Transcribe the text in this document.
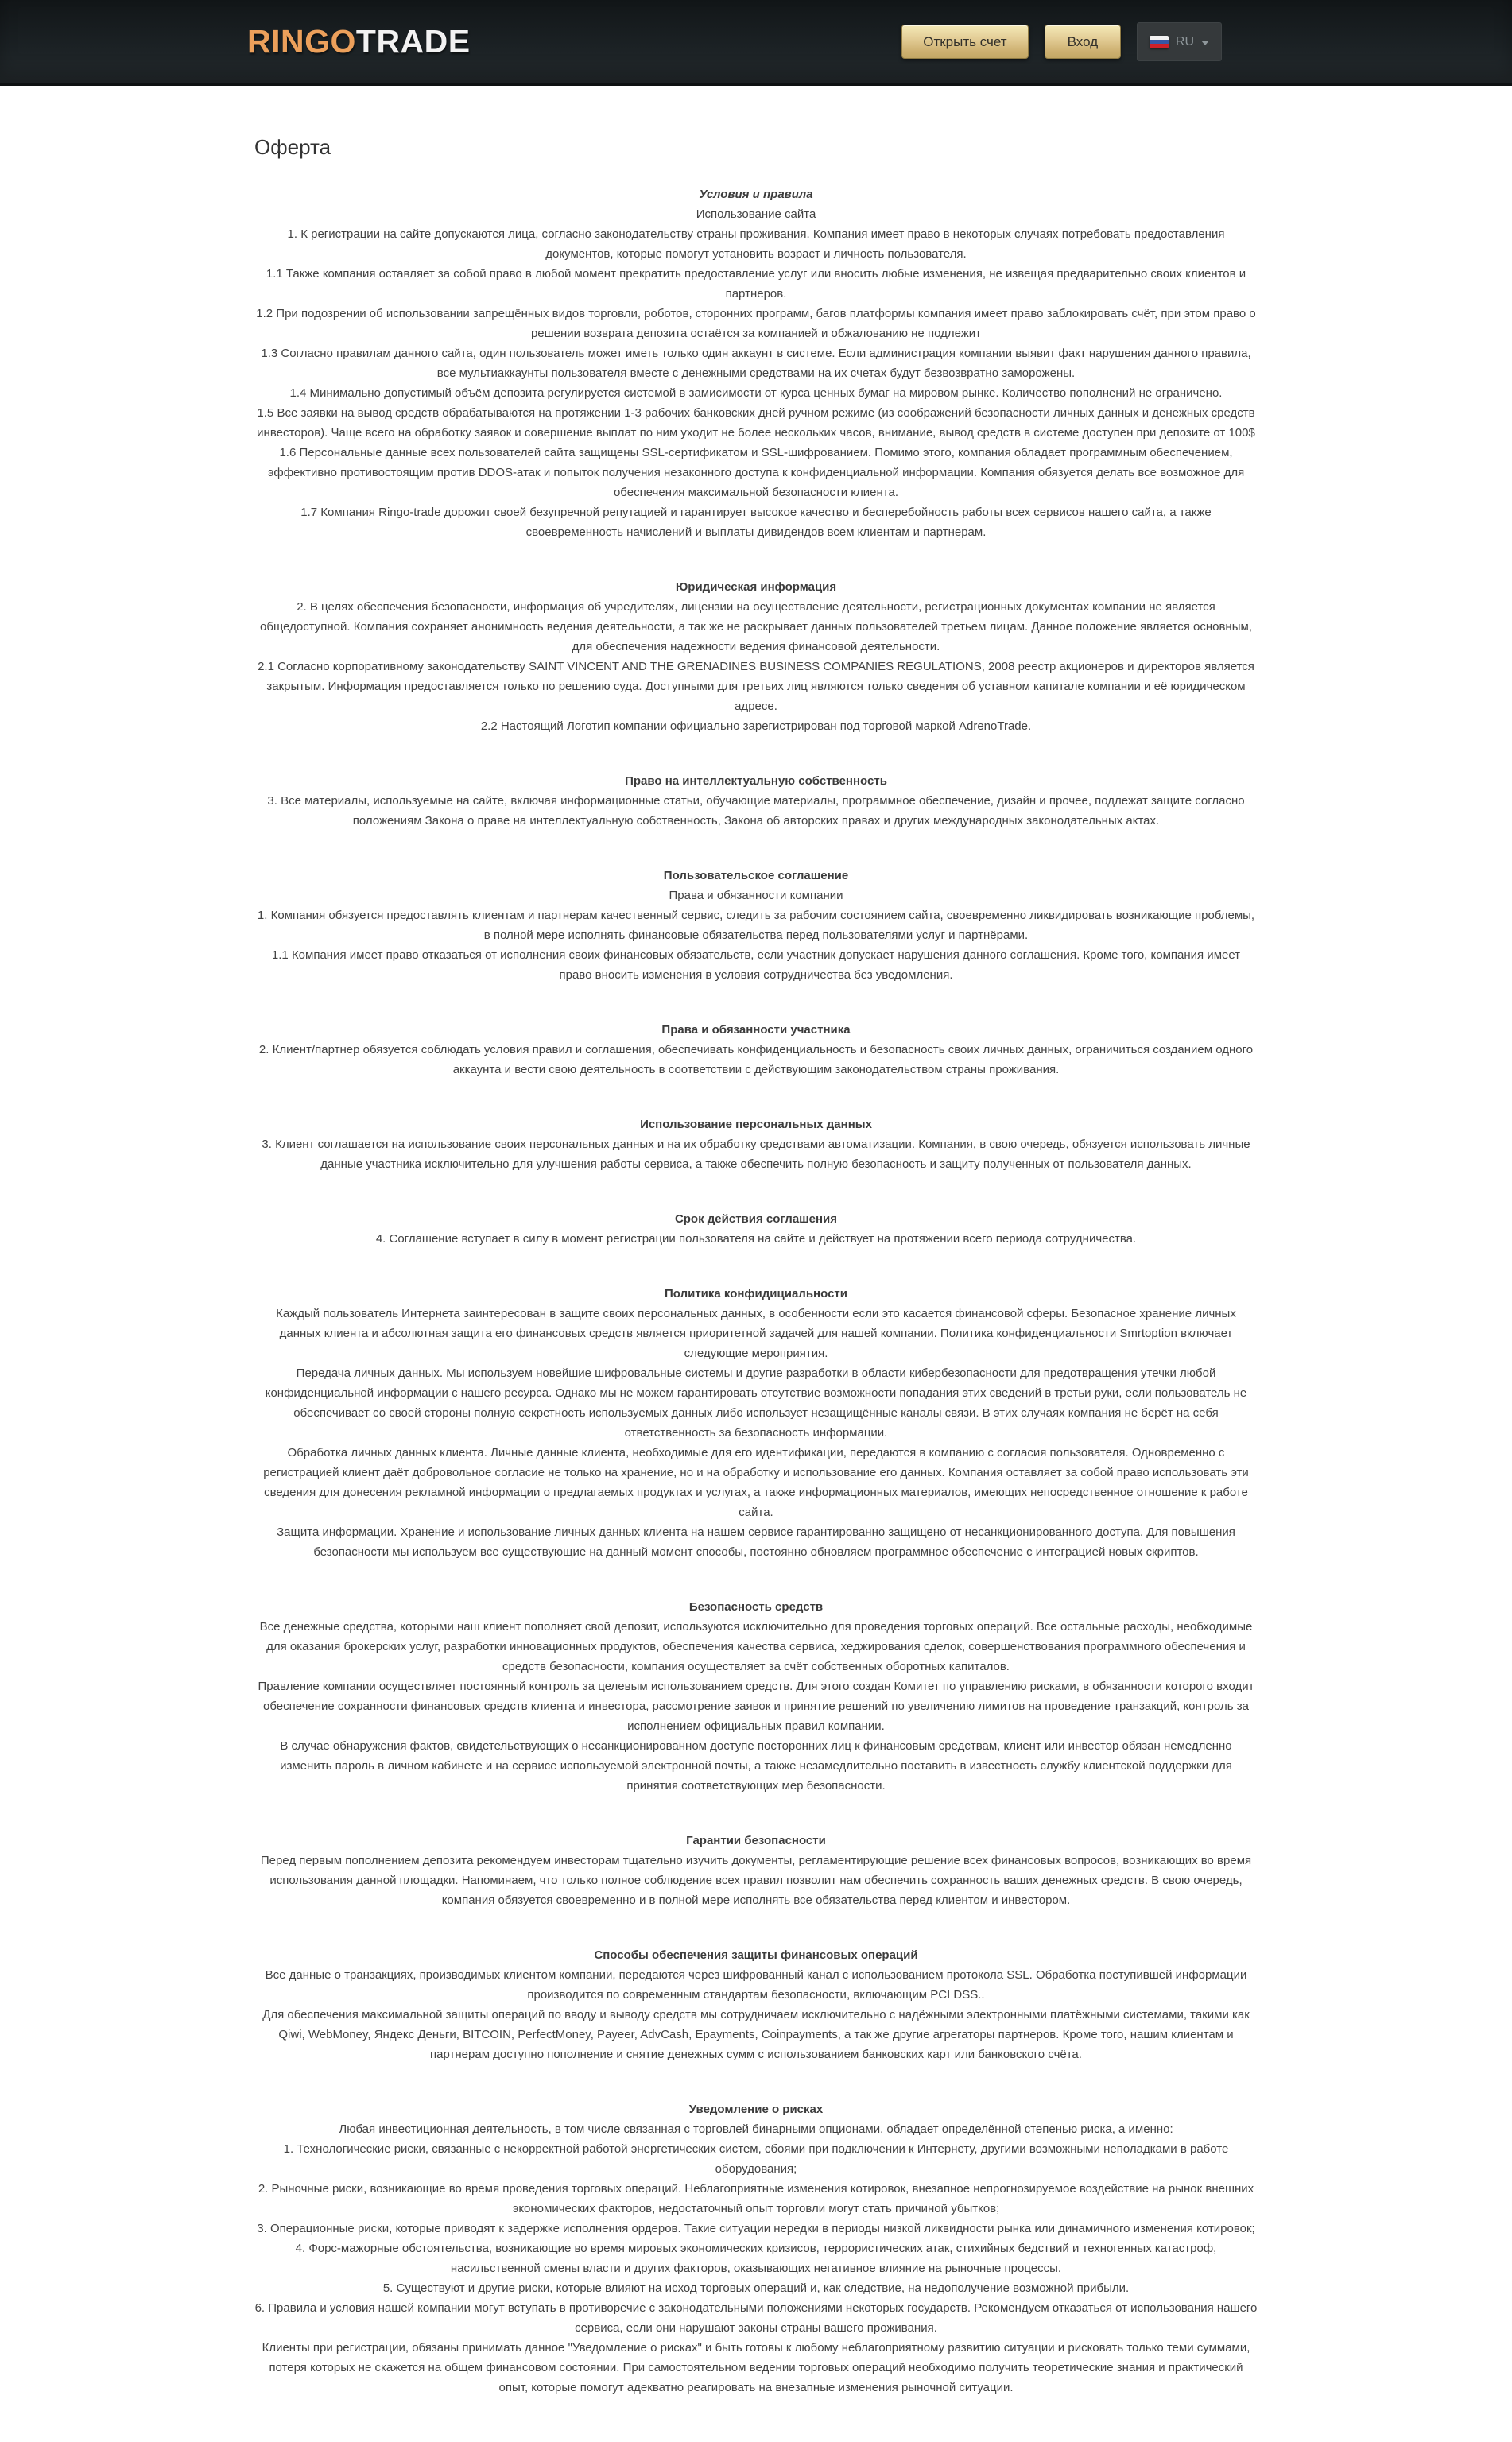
RINGOTRADE	Открыть счет	Вход	RU
Оферта
Условия и правила

Использование сайта

1. К регистрации на сайте допускаются лица, согласно законодательству страны проживания. Компания имеет право в некоторых случаях потребовать предоставления документов, которые помогут установить возраст и личность пользователя.

1.1 Также компания оставляет за собой право в любой момент прекратить предоставление услуг или вносить любые изменения, не извещая предварительно своих клиентов и партнеров.

1.2 При подозрении об использовании запрещённых видов торговли, роботов, сторонних программ, багов платформы компания имеет право заблокировать счёт, при этом право о решении возврата депозита остаётся за компанией и обжалованию не подлежит

1.3 Согласно правилам данного сайта, один пользователь может иметь только один аккаунт в системе. Если администрация компании выявит факт нарушения данного правила, все мультиаккаунты пользователя вместе с денежными средствами на их счетах будут безвозвратно заморожены.

1.4 Минимально допустимый объём депозита регулируется системой в замисимости от курса ценных бумаг на мировом рынке. Количество пополнений не ограничено.

1.5 Все заявки на вывод средств обрабатываются на протяжении 1-3 рабочих банковских дней ручном режиме (из соображений безопасности личных данных и денежных средств инвесторов). Чаще всего на обработку заявок и совершение выплат по ним уходит не более нескольких часов, внимание, вывод средств в системе доступен при депозите от 100$

1.6 Персональные данные всех пользователей сайта защищены SSL-сертификатом и SSL-шифрованием. Помимо этого, компания обладает программным обеспечением, эффективно противостоящим против DDOS-атак и попыток получения незаконного доступа к конфиденциальной информации. Компания обязуется делать все возможное для обеспечения максимальной безопасности клиента.

1.7 Компания Ringo-trade дорожит своей безупречной репутацией и гарантирует высокое качество и бесперебойность работы всех сервисов нашего сайта, а также своевременность начислений и выплаты дивидендов всем клиентам и партнерам.

Юридическая информация

2. В целях обеспечения безопасности, информация об учредителях, лицензии на осуществление деятельности, регистрационных документах компании не является общедоступной. Компания сохраняет анонимность ведения деятельности, а так же не раскрывает данных пользователей третьем лицам. Данное положение является основным, для обеспечения надежности ведения финансовой деятельности.

2.1 Согласно корпоративному законодательству SAINT VINCENT AND THE GRENADINES BUSINESS COMPANIES REGULATIONS, 2008 реестр акционеров и директоров является закрытым. Информация предоставляется только по решению суда. Доступными для третьих лиц являются только сведения об уставном капитале компании и её юридическом адресе.

2.2 Настоящий Логотип компании официально зарегистрирован под торговой маркой AdrenoTrade.

Право на интеллектуальную собственность

3. Все материалы, используемые на сайте, включая информационные статьи, обучающие материалы, программное обеспечение, дизайн и прочее, подлежат защите согласно положениям Закона о праве на интеллектуальную собственность, Закона об авторских правах и других международных законодательных актах.

Пользовательское соглашение

Права и обязанности компании

1. Компания обязуется предоставлять клиентам и партнерам качественный сервис, следить за рабочим состоянием сайта, своевременно ликвидировать возникающие проблемы, в полной мере исполнять финансовые обязательства перед пользователями услуг и партнёрами.

1.1 Компания имеет право отказаться от исполнения своих финансовых обязательств, если участник допускает нарушения данного соглашения. Кроме того, компания имеет право вносить изменения в условия сотрудничества без уведомления.

Права и обязанности участника

2. Клиент/партнер обязуется соблюдать условия правил и соглашения, обеспечивать конфиденциальность и безопасность своих личных данных, ограничиться созданием одного аккаунта и вести свою деятельность в соответствии с действующим законодательством страны проживания.

Использование персональных данных

3. Клиент соглашается на использование своих персональных данных и на их обработку средствами автоматизации. Компания, в свою очередь, обязуется использовать личные данные участника исключительно для улучшения работы сервиса, а также обеспечить полную безопасность и защиту полученных от пользователя данных.

Срок действия соглашения

4. Соглашение вступает в силу в момент регистрации пользователя на сайте и действует на протяжении всего периода сотрудничества.

Политика конфидициальности

Каждый пользователь Интернета заинтересован в защите своих персональных данных, в особенности если это касается финансовой сферы. Безопасное хранение личных данных клиента и абсолютная защита его финансовых средств является приоритетной задачей для нашей компании. Политика конфиденциальности Smrtoption включает следующие мероприятия.

Передача личных данных. Мы используем новейшие шифровальные системы и другие разработки в области кибербезопасности для предотвращения утечки любой конфиденциальной информации с нашего ресурса. Однако мы не можем гарантировать отсутствие возможности попадания этих сведений в третьи руки, если пользователь не обеспечивает со своей стороны полную секретность используемых данных либо использует незащищённые каналы связи. В этих случаях компания не берёт на себя ответственность за безопасность информации.

Обработка личных данных клиента. Личные данные клиента, необходимые для его идентификации, передаются в компанию с согласия пользователя. Одновременно с регистрацией клиент даёт добровольное согласие не только на хранение, но и на обработку и использование его данных. Компания оставляет за собой право использовать эти сведения для донесения рекламной информации о предлагаемых продуктах и услугах, а также информационных материалов, имеющих непосредственное отношение к работе сайта.

Защита информации. Хранение и использование личных данных клиента на нашем сервисе гарантированно защищено от несанкционированного доступа. Для повышения безопасности мы используем все существующие на данный момент способы, постоянно обновляем программное обеспечение с интеграцией новых скриптов.

Безопасность средств

Все денежные средства, которыми наш клиент пополняет свой депозит, используются исключительно для проведения торговых операций. Все остальные расходы, необходимые для оказания брокерских услуг, разработки инновационных продуктов, обеспечения качества сервиса, хеджирования сделок, совершенствования программного обеспечения и средств безопасности, компания осуществляет за счёт собственных оборотных капиталов.

Правление компании осуществляет постоянный контроль за целевым использованием средств. Для этого создан Комитет по управлению рисками, в обязанности которого входит обеспечение сохранности финансовых средств клиента и инвестора, рассмотрение заявок и принятие решений по увеличению лимитов на проведение транзакций, контроль за исполнением официальных правил компании.

В случае обнаружения фактов, свидетельствующих о несанкционированном доступе посторонних лиц к финансовым средствам, клиент или инвестор обязан немедленно изменить пароль в личном кабинете и на сервисе используемой электронной почты, а также незамедлительно поставить в известность службу клиентской поддержки для принятия соответствующих мер безопасности.

Гарантии безопасности

Перед первым пополнением депозита рекомендуем инвесторам тщательно изучить документы, регламентирующие решение всех финансовых вопросов, возникающих во время использования данной площадки. Напоминаем, что только полное соблюдение всех правил позволит нам обеспечить сохранность ваших денежных средств. В свою очередь, компания обязуется своевременно и в полной мере исполнять все обязательства перед клиентом и инвестором.

Способы обеспечения защиты финансовых операций

Все данные о транзакциях, производимых клиентом компании, передаются через шифрованный канал с использованием протокола SSL. Обработка поступившей информации производится по современным стандартам безопасности, включающим PCI DSS..

Для обеспечения максимальной защиты операций по вводу и выводу средств мы сотрудничаем исключительно с надёжными электронными платёжными системами, такими как Qiwi, WebMoney, Яндекс Деньги, BITCOIN, PerfectMoney, Payeer, AdvCash, Epayments, Coinpayments, а так же другие агрегаторы партнеров. Кроме того, нашим клиентам и партнерам доступно пополнение и снятие денежных сумм с использованием банковских карт или банковского счёта.

Уведомление о рисках

Любая инвестиционная деятельность, в том числе связанная с торговлей бинарными опционами, обладает определённой степенью риска, а именно:

1. Технологические риски, связанные с некорректной работой энергетических систем, сбоями при подключении к Интернету, другими возможными неполадками в работе оборудования;

2. Рыночные риски, возникающие во время проведения торговых операций. Неблагоприятные изменения котировок, внезапное непрогнозируемое воздействие на рынок внешних экономических факторов, недостаточный опыт торговли могут стать причиной убытков;

3. Операционные риски, которые приводят к задержке исполнения ордеров. Такие ситуации нередки в периоды низкой ликвидности рынка или динамичного изменения котировок;

4. Форс-мажорные обстоятельства, возникающие во время мировых экономических кризисов, террористических атак, стихийных бедствий и техногенных катастроф, насильственной смены власти и других факторов, оказывающих негативное влияние на рыночные процессы.

5. Существуют и другие риски, которые влияют на исход торговых операций и, как следствие, на недополучение возможной прибыли.

6. Правила и условия нашей компании могут вступать в противоречие с законодательными положениями некоторых государств. Рекомендуем отказаться от использования нашего сервиса, если они нарушают законы страны вашего проживания.

Клиенты при регистрации, обязаны принимать данное "Уведомление о рисках" и быть готовы к любому неблагоприятному развитию ситуации и рисковать только теми суммами, потеря которых не скажется на общем финансовом состоянии. При самостоятельном ведении торговых операций необходимо получить теоретические знания и практический опыт, которые помогут адекватно реагировать на внезапные изменения рыночной ситуации.
